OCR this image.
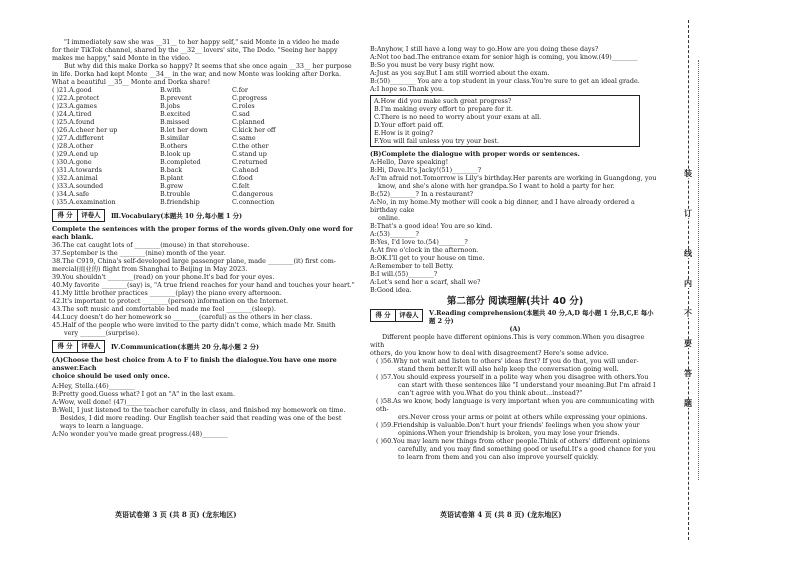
"I immediately saw she was __31__ to her happy self," said Monte in a video he made

for their TikTok channel, shared by the __32__ lovers' site, The Dodo. "Seeing her happy

makes me happy," said Monte in the video.

But why did this make Dorka so happy? It seems that she once again __33__ her purpose

in life. Dorka had kept Monte __34__ in the war, and now Monte was looking after Dorka.

What a beautiful __35__ Monte and Dorka share!

( )21.A.good	B.with	C.for
( )22.A.protect	B.prevent	C.progress
( )23.A.games	B.jobs	C.roles
( )24.A.tired	B.excited	C.sad
( )25.A.found	B.missed	C.planned
( )26.A.cheer her up	B.let her down	C.kick her off
( )27.A.different	B.similar	C.same
( )28.A.other	B.others	C.the other
( )29.A.end up	B.look up	C.stand up
( )30.A.gone	B.completed	C.returned
( )31.A.towards	B.back	C.ahead
( )32.A.animal	B.plant	C.food
( )33.A.sounded	B.grew	C.felt
( )34.A.safe	B.trouble	C.dangerous
( )35.A.examination	B.friendship	C.connection
得 分	评卷人	Ⅲ.Vocabulary(本题共 10 分,每小题 1 分)

Complete the sentences with the proper forms of the words given.Only one word for each blank.

36.The cat caught lots of ________(mouse) in that storehouse.

37.September is the ________(nine) month of the year.

38.The C919, China's self-developed large passenger plane, made ________(it) first com-

mercial(商业的) flight from Shanghai to Beijing in May 2023.

39.You shouldn't ________(read) on your phone.It's bad for your eyes.

40.My favorite ________(say) is, "A true friend reaches for your hand and touches your heart."

41.My little brother practices ________(play) the piano every afternoon.

42.It's important to protect ________(person) information on the Internet.

43.The soft music and comfortable bed made me feel ________(sleep).

44.Lucy doesn't do her homework so ________(careful) as the others in her class.

45.Half of the people who were invited to the party didn't come, which made Mr. Smith

very ________(surprise).

得 分	评卷人	Ⅳ.Communication(本题共 20 分,每小题 2 分)

(A)Choose the best choice from A to F to finish the dialogue.You have one more answer.Each

choice should be used only once.

A:Hey, Stella.(46)________

B:Pretty good.Guess what? I got an "A" in the last exam.

A:Wow, well done! (47)________

B:Well, I just listened to the teacher carefully in class, and finished my homework on time.

Besides, I did more reading. Our English teacher said that reading was one of the best

ways to learn a language.

A:No wonder you've made great progress.(48)________

英语试卷第 3 页 (共 8 页) (龙东地区)

B:Anyhow, I still have a long way to go.How are you doing these days?

A:Not too bad.The entrance exam for senior high is coming, you know.(49)________

B:So you must be very busy right now.

A:Just as you say.But I am still worried about the exam.

B:(50)________ You are a top student in your class.You're sure to get an ideal grade.

A:I hope so.Thank you.

A.How did you make such great progress?

B.I'm making every effort to prepare for it.

C.There is no need to worry about your exam at all.

D.Your effort paid off.

E.How is it going?

F.You will fail unless you try your best.

(B)Complete the dialogue with proper words or sentences.

A:Hello, Dave speaking!

B:Hi, Dave.It's Jacky!(51)________?

A:I'm afraid not.Tomorrow is Lily's birthday.Her parents are working in Guangdong, you

know, and she's alone with her grandpa.So I want to hold a party for her.

B:(52)________? In a restaurant?

A:No, in my home.My mother will cook a big dinner, and I have already ordered a birthday cake

online.

B:That's a good idea! You are so kind.

A:(53)________?

B:Yes, I'd love to.(54)________?

A:At five o'clock in the afternoon.

B:OK.I'll get to your house on time.

A:Remember to tell Betty.

B:I will.(55)________?

A:Let's send her a scarf, shall we?

B:Good idea.

第二部分 阅读理解(共计 40 分)
得 分	评卷人	Ⅴ.Reading comprehension(本题共 40 分,A,D 每小题 1 分,B,C,E 每小题 2 分)

(A)

Different people have different opinions.This is very common.When you disagree with

others, do you know how to deal with disagreement? Here's some advice.

( )56.Why not wait and listen to others' ideas first? If you do that, you will under-

stand them better.It will also help keep the conversation going well.

( )57.You should express yourself in a polite way when you disagree with others.You

can start with these sentences like "I understand your meaning.But I'm afraid I

can't agree with you.What do you think about...instead?"

( )58.As we know, body language is very important when you are communicating with oth-

ers.Never cross your arms or point at others while expressing your opinions.

( )59.Friendship is valuable.Don't hurt your friends' feelings when you show your

opinions.When your friendship is broken, you may lose your friends.

( )60.You may learn new things from other people.Think of others' different opinions

carefully, and you may find something good or useful.It's a good chance for you

to learn from them and you can also improve yourself quickly.

英语试卷第 4 页 (共 8 页) (龙东地区)
装
订
线
内
不
要
答
题
